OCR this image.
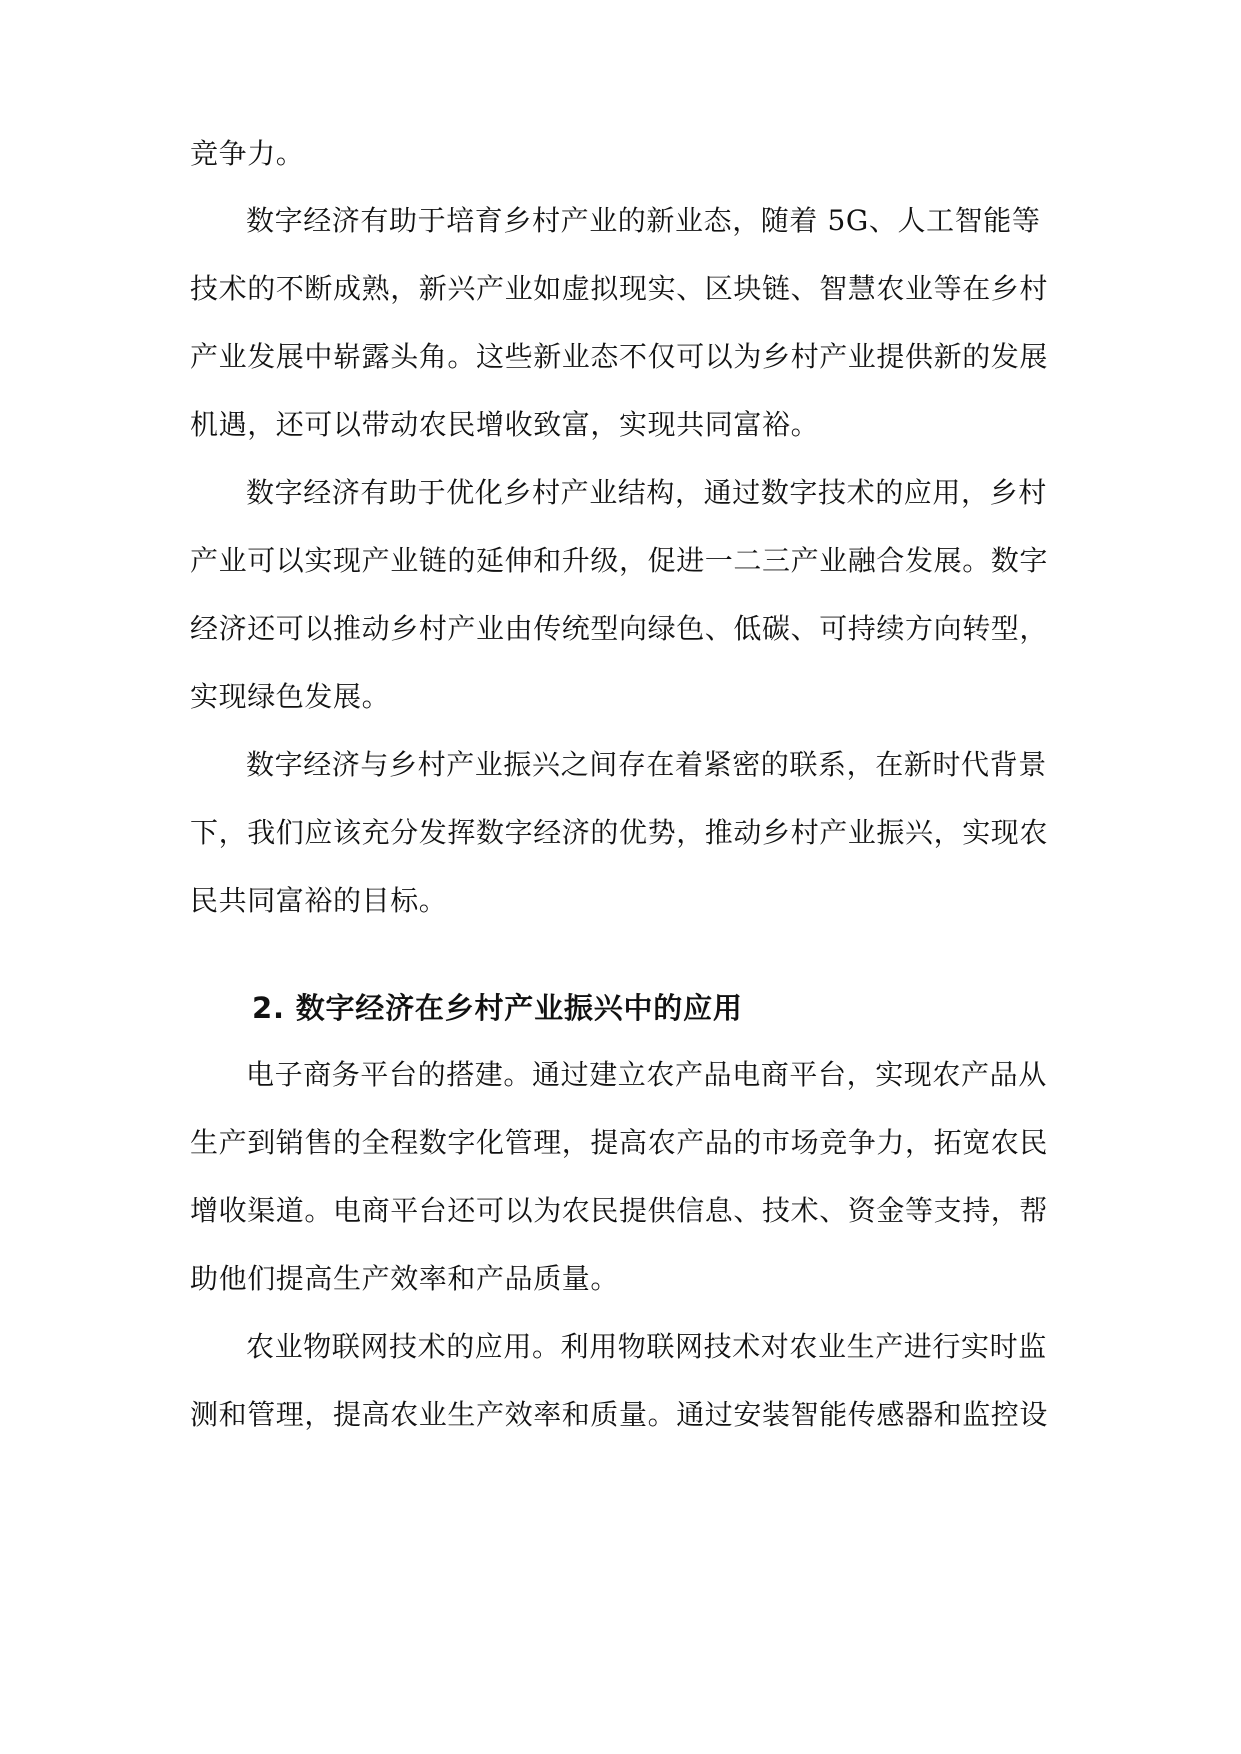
竞争力。
数字经济有助于培育乡村产业的新业态，随着 5G、人工智能等
技术的不断成熟，新兴产业如虚拟现实、区块链、智慧农业等在乡村
产业发展中崭露头角。这些新业态不仅可以为乡村产业提供新的发展
机遇，还可以带动农民增收致富，实现共同富裕。
数字经济有助于优化乡村产业结构，通过数字技术的应用，乡村
产业可以实现产业链的延伸和升级，促进一二三产业融合发展。数字
经济还可以推动乡村产业由传统型向绿色、低碳、可持续方向转型，
实现绿色发展。
数字经济与乡村产业振兴之间存在着紧密的联系，在新时代背景
下，我们应该充分发挥数字经济的优势，推动乡村产业振兴，实现农
民共同富裕的目标。
2. 数字经济在乡村产业振兴中的应用
电子商务平台的搭建。通过建立农产品电商平台，实现农产品从
生产到销售的全程数字化管理，提高农产品的市场竞争力，拓宽农民
增收渠道。电商平台还可以为农民提供信息、技术、资金等支持，帮
助他们提高生产效率和产品质量。
农业物联网技术的应用。利用物联网技术对农业生产进行实时监
测和管理，提高农业生产效率和质量。通过安装智能传感器和监控设
